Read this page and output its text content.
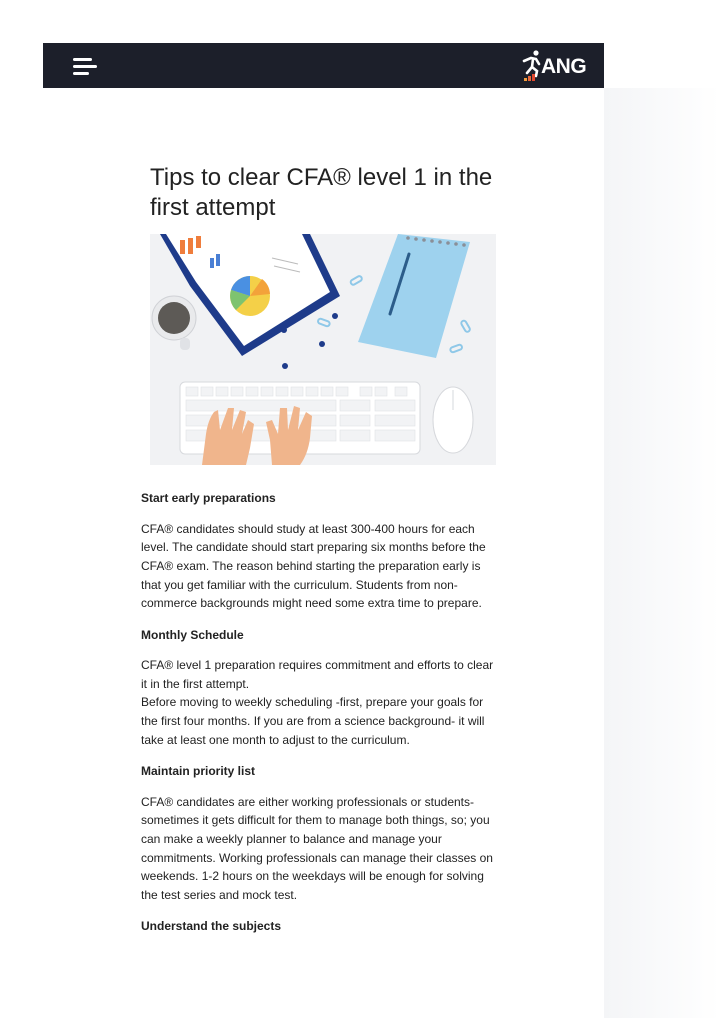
ANG
Tips to clear CFA® level 1 in the first attempt
Start early preparations

CFA® candidates should study at least 300-400 hours for each level. The candidate should start preparing six months before the CFA® exam. The reason behind starting the preparation early is that you get familiar with the curriculum. Students from non-commerce backgrounds might need some extra time to prepare.

Monthly Schedule

CFA® level 1 preparation requires commitment and efforts to clear it in the first attempt.

Before moving to weekly scheduling -first, prepare your goals for the first four months. If you are from a science background- it will take at least one month to adjust to the curriculum.

Maintain priority list

CFA® candidates are either working professionals or students- sometimes it gets difficult for them to manage both things, so; you can make a weekly planner to balance and manage your commitments. Working professionals can manage their classes on weekends. 1-2 hours on the weekdays will be enough for solving the test series and mock test.

Understand the subjects
